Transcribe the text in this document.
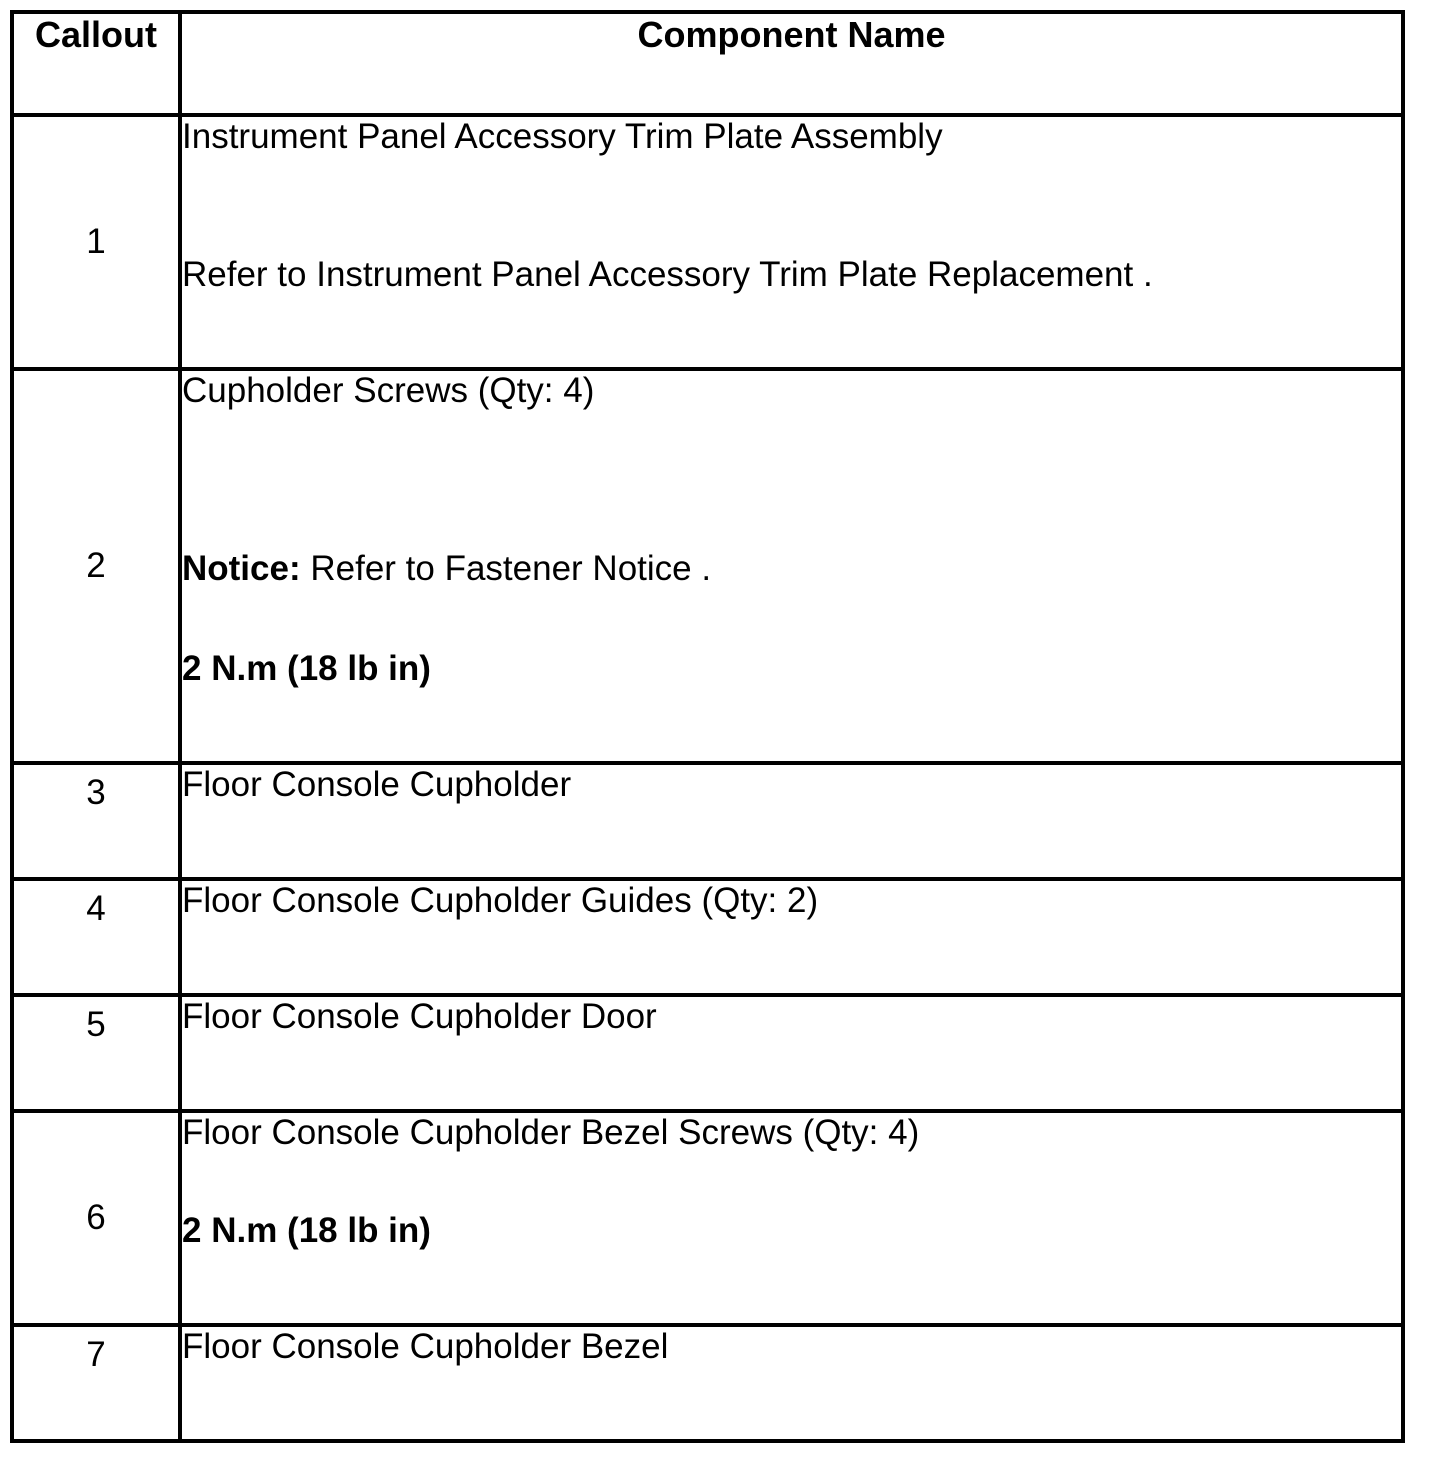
Callout	Component Name
1	Instrument Panel Accessory Trim Plate Assembly
Refer to Instrument Panel Accessory Trim Plate Replacement .

2	Cupholder Screws (Qty: 4)
Notice: Refer to Fastener Notice .
2 N.m (18 lb in)

3	Floor Console Cupholder

4	Floor Console Cupholder Guides (Qty: 2)

5	Floor Console Cupholder Door

6	Floor Console Cupholder Bezel Screws (Qty: 4)
2 N.m (18 lb in)

7	Floor Console Cupholder Bezel
